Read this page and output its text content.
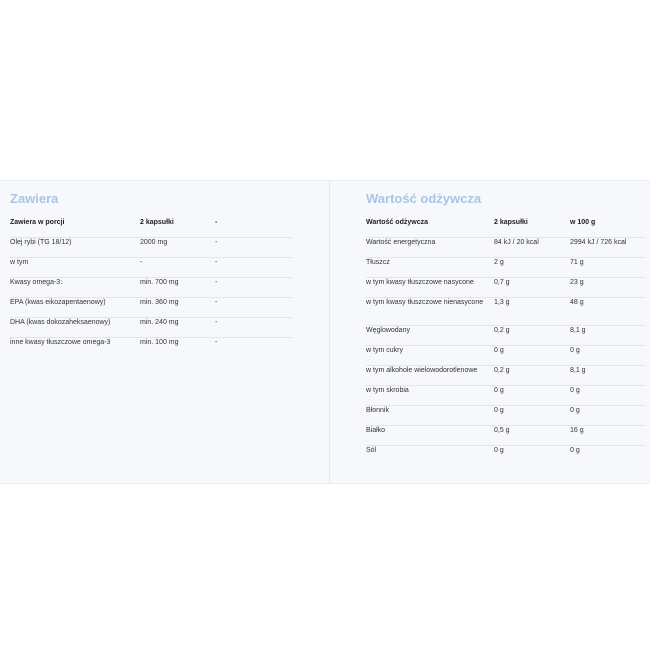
Zawiera
Zawiera w porcji	2 kapsułki	-

Olej rybi (TG 18/12)	2000 mg	-

w tym	-	-

Kwasy omega-3:	min. 700 mg	-

EPA (kwas eikozapentaenowy)	min. 360 mg	-

DHA (kwas dokozaheksaenowy)	min. 240 mg	-

inne kwasy tłuszczowe omega-3	min. 100 mg	-
Wartość odżywcza
Wartość odżywcza	2 kapsułki	w 100 g

Wartość energetyczna	84 kJ / 20 kcal	2994 kJ / 726 kcal

Tłuszcz	2 g	71 g

w tym kwasy tłuszczowe nasycone	0,7 g	23 g

w tym kwasy tłuszczowe nienasycone	1,3 g	48 g

Węglowodany	0,2 g	8,1 g

w tym cukry	0 g	0 g

w tym alkohole wielowodorotlenowe	0,2 g	8,1 g

w tym skrobia	0 g	0 g

Błonnik	0 g	0 g

Białko	0,5 g	16 g

Sól	0 g	0 g
